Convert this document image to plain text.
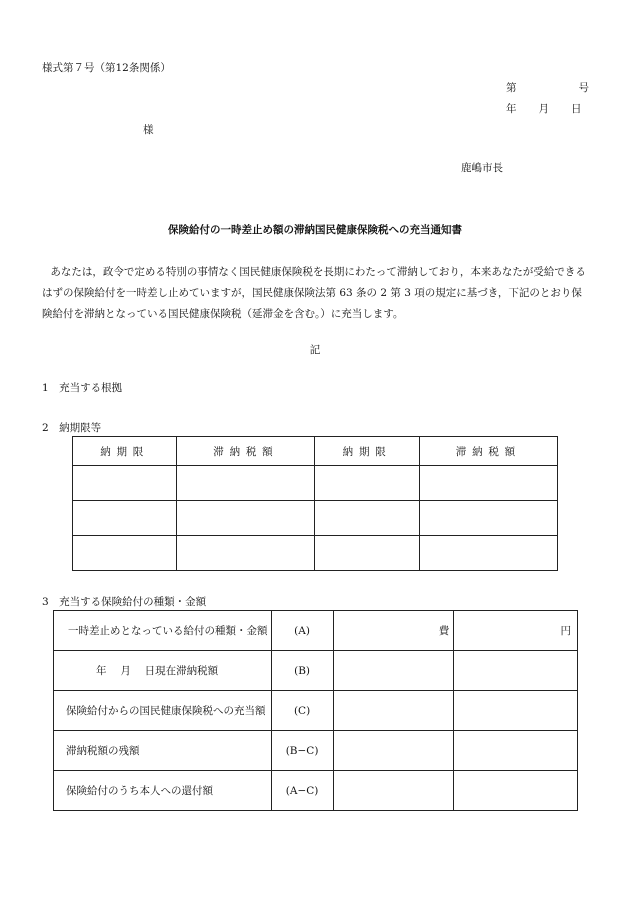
様式第７号（第12条関係）
第	号
年 月 日
様
鹿嶋市長
保険給付の一時差止め額の滞納国民健康保険税への充当通知書
あなたは，政令で定める特別の事情なく国民健康保険税を長期にわたって滞納しており，本来あなたが受給できるはずの保険給付を一時差し止めていますが，国民健康保険法第 63 条の 2 第 3 項の規定に基づき，下記のとおり保険給付を滞納となっている国民健康保険税（延滞金を含む。）に充当します。
記
1　充当する根拠
2　納期限等
納期限	滞納税額	納期限	滞納税額

3　充当する保険給付の種類・金額
一時差止めとなっている給付の種類・金額	(A)	費	円
年　 月　 日現在滞納税額	(B)		
保険給付からの国民健康保険税への充当額	(C)		
滞納税額の残額	(B−C)		
保険給付のうち本人への還付額	(A−C)		
